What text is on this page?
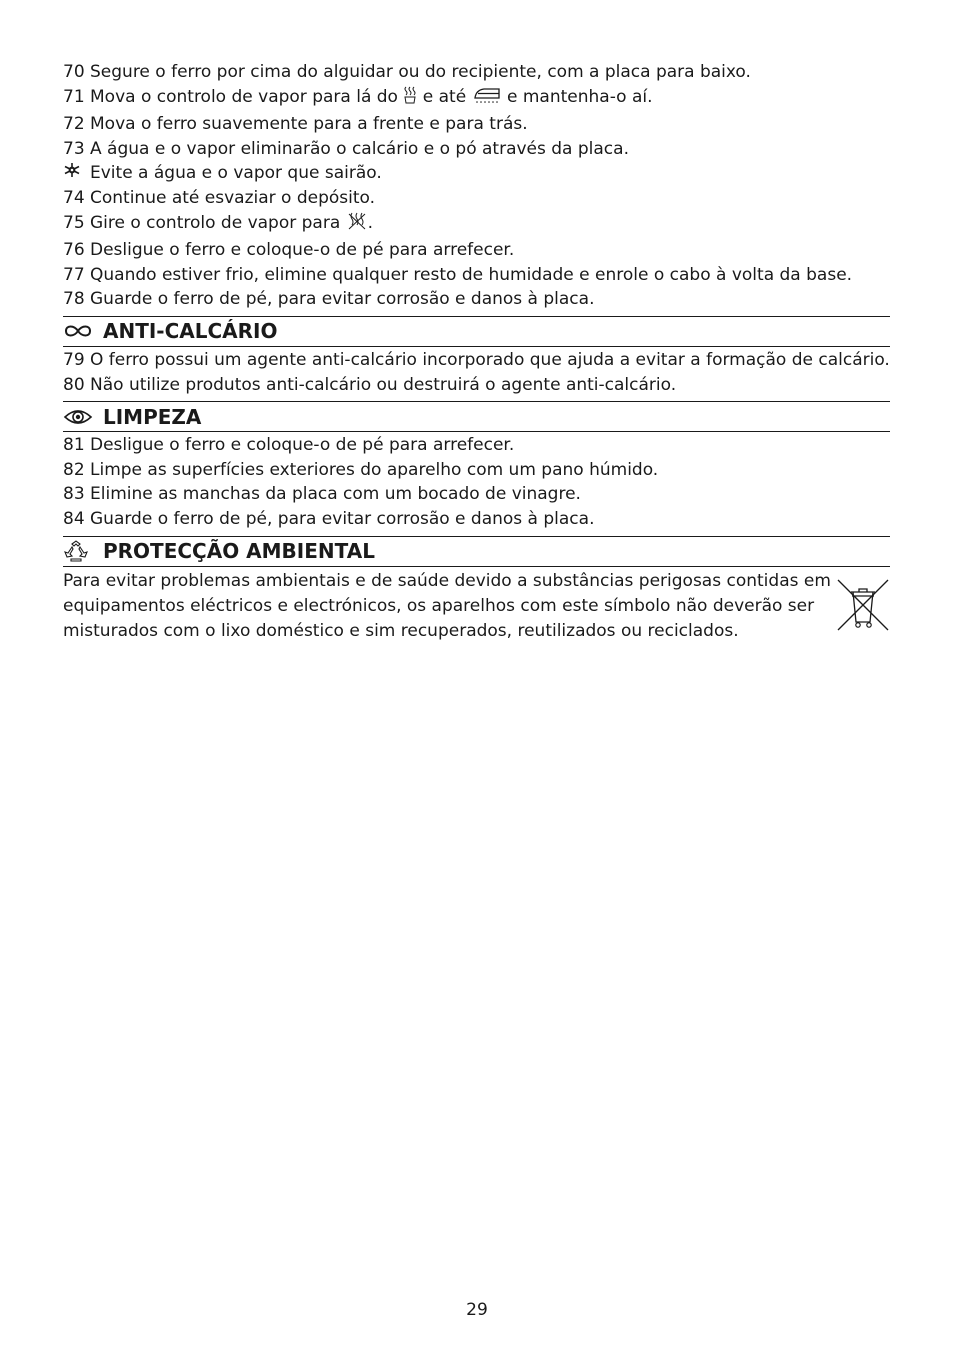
70 Segure o ferro por cima do alguidar ou do recipiente, com a placa para baixo.
71 Mova o controlo de vapor para lá do e até e mantenha-o aí.
72 Mova o ferro suavemente para a frente e para trás.
73 A água e o vapor eliminarão o calcário e o pó através da placa.
Evite a água e o vapor que sairão.
74 Continue até esvaziar o depósito.
75 Gire o controlo de vapor para .
76 Desligue o ferro e coloque-o de pé para arrefecer.
77 Quando estiver frio, elimine qualquer resto de humidade e enrole o cabo à volta da base.
78 Guarde o ferro de pé, para evitar corrosão e danos à placa.
ANTI-CALCÁRIO
79 O ferro possui um agente anti-calcário incorporado que ajuda a evitar a formação de calcário.
80 Não utilize produtos anti-calcário ou destruirá o agente anti-calcário.
LIMPEZA
81 Desligue o ferro e coloque-o de pé para arrefecer.
82 Limpe as superfícies exteriores do aparelho com um pano húmido.
83 Elimine as manchas da placa com um bocado de vinagre.
84 Guarde o ferro de pé, para evitar corrosão e danos à placa.
PROTECÇÃO AMBIENTAL
Para evitar problemas ambientais e de saúde devido a substâncias perigosas contidas em equipamentos eléctricos e electrónicos, os aparelhos com este símbolo não deverão ser misturados com o lixo doméstico e sim recuperados, reutilizados ou reciclados.
29
